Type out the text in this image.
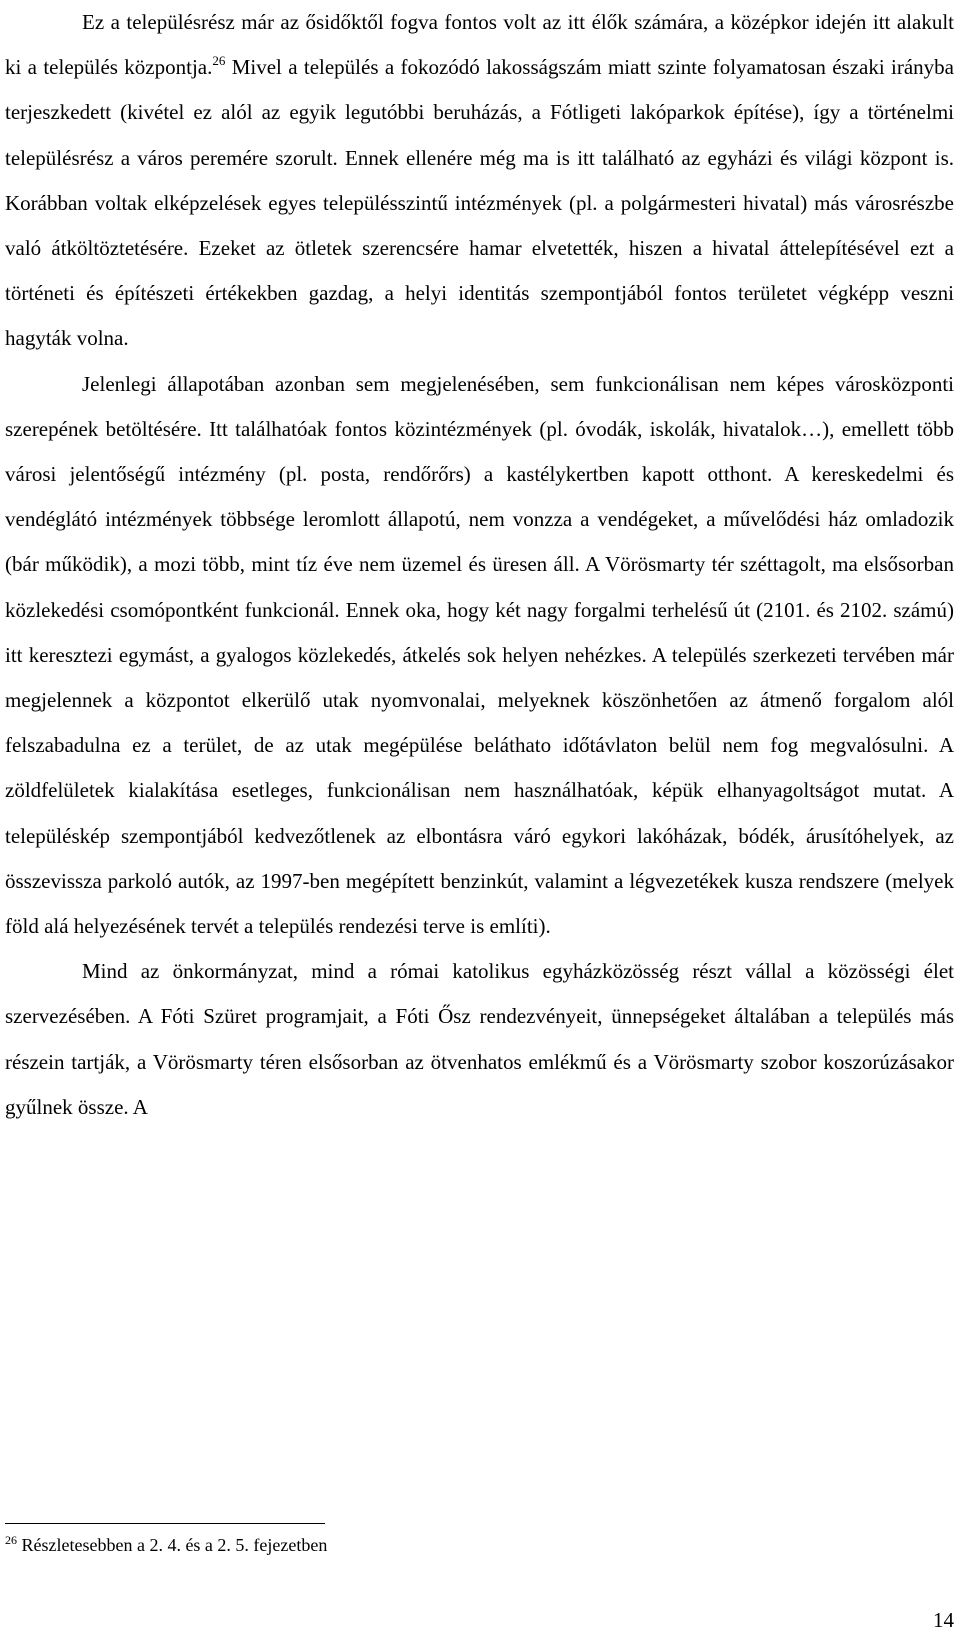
Ez a településrész már az ősidőktől fogva fontos volt az itt élők számára, a középkor idején itt alakult ki a település központja.$^{26}$ Mivel a település a fokozódó lakosságszám miatt szinte folyamatosan északi irányba terjeszkedett (kivétel ez alól az egyik legutóbbi beruházás, a Fótligeti lakóparkok építése), így a történelmi településrész a város peremére szorult. Ennek ellenére még ma is itt található az egyházi és világi központ is. Korábban voltak elképzelések egyes településszintű intézmények (pl. a polgármesteri hivatal) más városrészbe való átköltöztetésére. Ezeket az ötletek szerencsére hamar elvetették, hiszen a hivatal áttelepítésével ezt a történeti és építészeti értékekben gazdag, a helyi identitás szempontjából fontos területet végképp veszni hagyták volna.

Jelenlegi állapotában azonban sem megjelenésében, sem funkcionálisan nem képes városközponti szerepének betöltésére. Itt találhatóak fontos közintézmények (pl. óvodák, iskolák, hivatalok…), emellett több városi jelentőségű intézmény (pl. posta, rendőrőrs) a kastélykertben kapott otthont. A kereskedelmi és vendéglátó intézmények többsége leromlott állapotú, nem vonzza a vendégeket, a művelődési ház omladozik (bár működik), a mozi több, mint tíz éve nem üzemel és üresen áll. A Vörösmarty tér széttagolt, ma elsősorban közlekedési csomópontként funkcionál. Ennek oka, hogy két nagy forgalmi terhelésű út (2101. és 2102. számú) itt keresztezi egymást, a gyalogos közlekedés, átkelés sok helyen nehézkes. A település szerkezeti tervében már megjelennek a központot elkerülő utak nyomvonalai, melyeknek köszönhetően az átmenő forgalom alól felszabadulna ez a terület, de az utak megépülése beláthato időtávlaton belül nem fog megvalósulni. A zöldfelületek kialakítása esetleges, funkcionálisan nem használhatóak, képük elhanyagoltságot mutat. A településkép szempontjából kedvezőtlenek az elbontásra váró egykori lakóházak, bódék, árusítóhelyek, az összevissza parkoló autók, az 1997-ben megépített benzinkút, valamint a légvezetékek kusza rendszere (melyek föld alá helyezésének tervét a település rendezési terve is említi).

Mind az önkormányzat, mind a római katolikus egyházközösség részt vállal a közösségi élet szervezésében. A Fóti Szüret programjait, a Fóti Ősz rendezvényeit, ünnepségeket általában a település más részein tartják, a Vörösmarty téren elsősorban az ötvenhatos emlékmű és a Vörösmarty szobor koszorúzásakor gyűlnek össze. A

$^{26}$ Részletesebben a 2. 4. és a 2. 5. fejezetben
14
